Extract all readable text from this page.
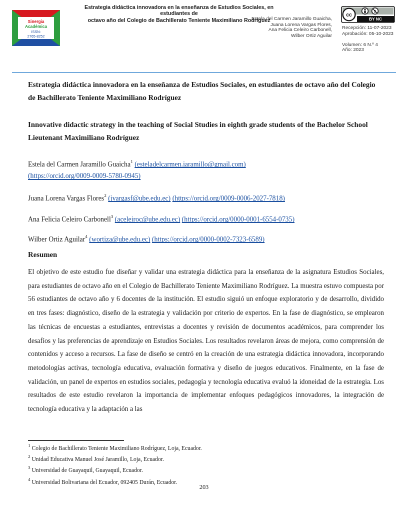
Sinergia
Académica
ISSN:
2765-8252
Estrategia didáctica innovadora en la enseñanza de Estudios Sociales, en estudiantes de
octavo año del Colegio de Bachillerato Teniente Maximiliano Rodríguez
Estela del Carmen Jaramillo Guaicha,
Juana Lorena Vargas Flores,
Ana Felicia Celeiro Carbonell,
Wilber Ortiz Aguilar
cc
BY NC
Recepción: 11-07-2023
Aprobación: 05-10-2023
Volumen: 6 N.º 4
Año: 2023
Estrategia didáctica innovadora en la enseñanza de Estudios Sociales, en estudiantes de octavo año del Colegio de Bachillerato Teniente Maximiliano Rodríguez
Innovative didactic strategy in the teaching of Social Studies in eighth grade students of the Bachelor School Lieutenant Maximiliano Rodríguez
Estela del Carmen Jaramillo Guaicha$^1$ (esteladelcarmen.jaramillo@gmail.com)
(https://orcid.org/0009-0009-5780-0945)
Juana Lorena Vargas Flores$^2$ (jvargasf@ube.edu.ec) (https://orcid.org/0009-0006-2027-7818)
Ana Felicia Celeiro Carbonell$^3$ (aceleiroc@ube.edu.ec) (https://orcid.org/0000-0001-6554-0735)
Wilber Ortiz Aguilar$^4$ (wortiza@ube.edu.ec) (https://orcid.org/0000-0002-7323-6589)
Resumen
El objetivo de este estudio fue diseñar y validar una estrategia didáctica para la enseñanza de la asignatura Estudios Sociales, para estudiantes de octavo año en el Colegio de Bachillerato Teniente Maximiliano Rodríguez. La muestra estuvo compuesta por 56 estudiantes de octavo año y 6 docentes de la institución. El estudio siguió un enfoque exploratorio y de desarrollo, dividido en tres fases: diagnóstico, diseño de la estrategia y validación por criterio de expertos. En la fase de diagnóstico, se emplearon las técnicas de encuestas a estudiantes, entrevistas a docentes y revisión de documentos académicos, para comprender los desafíos y las preferencias de aprendizaje en Estudios Sociales. Los resultados revelaron áreas de mejora, como comprensión de contenidos y acceso a recursos. La fase de diseño se centró en la creación de una estrategia didáctica innovadora, incorporando metodologías activas, tecnología educativa, evaluación formativa y diseño de juegos educativos. Finalmente, en la fase de validación, un panel de expertos en estudios sociales, pedagogía y tecnología educativa evaluó la idoneidad de la estrategia. Los resultados de este estudio revelaron la importancia de implementar enfoques pedagógicos innovadores, la integración de tecnología educativa y la adaptación a las
$^1$ Colegio de Bachillerato Teniente Maximiliano Rodríguez, Loja, Ecuador.
$^2$ Unidad Educativa Manuel José Jaramillo, Loja, Ecuador.
$^3$ Universidad de Guayaquil, Guayaquil, Ecuador.
$^4$ Universidad Bolivariana del Ecuador, 092405 Durán, Ecuador.
203
